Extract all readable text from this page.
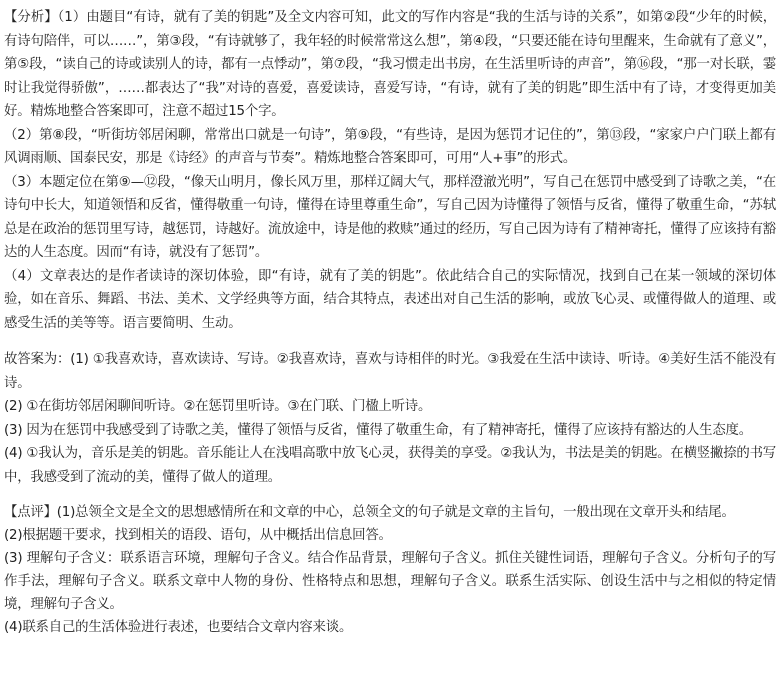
【分析】（1）由题目“有诗，就有了美的钥匙”及全文内容可知，此文的写作内容是“我的生活与诗的关系”，如第②段“少年的时候，有诗句陪伴，可以……”，第③段，“有诗就够了，我年轻的时候常常这么想”，第④段，“只要还能在诗句里醒来，生命就有了意义”，第⑤段，“读自己的诗或读别人的诗，都有一点悸动”，第⑦段，“我习惯走出书房，在生活里听诗的声音”，第⑯段，“那一对长联，霎时让我觉得骄傲”，……都表达了“我”对诗的喜爱，喜爱读诗，喜爱写诗，“有诗，就有了美的钥匙”即生活中有了诗，才变得更加美好。精炼地整合答案即可，注意不超过15个字。

（2）第⑧段，“听街坊邻居闲聊，常常出口就是一句诗”，第⑨段，“有些诗，是因为惩罚才记住的”，第⑬段，“家家户户门联上都有风调雨顺、国泰民安，那是《诗经》的声音与节奏”。精炼地整合答案即可，可用“人+事”的形式。

（3）本题定位在第⑨—⑫段，“像天山明月，像长风万里，那样辽阔大气，那样澄澈光明”，写自己在惩罚中感受到了诗歌之美，“在诗句中长大，知道领悟和反省，懂得敬重一句诗，懂得在诗里尊重生命”，写自己因为诗懂得了领悟与反省，懂得了敬重生命，“苏轼总是在政治的惩罚里写诗，越惩罚，诗越好。流放途中，诗是他的救赎”通过的经历，写自己因为诗有了精神寄托，懂得了应该持有豁达的人生态度。因而“有诗，就没有了惩罚”。

（4）文章表达的是作者读诗的深切体验，即“有诗，就有了美的钥匙”。依此结合自己的实际情况，找到自己在某一领域的深切体验，如在音乐、舞蹈、书法、美术、文学经典等方面，结合其特点，表述出对自己生活的影响，或放飞心灵、或懂得做人的道理、或感受生活的美等等。语言要简明、生动。

故答案为：(1) ①我喜欢诗，喜欢读诗、写诗。②我喜欢诗，喜欢与诗相伴的时光。③我爱在生活中读诗、听诗。④美好生活不能没有诗。

(2) ①在街坊邻居闲聊间听诗。②在惩罚里听诗。③在门联、门楹上听诗。

(3) 因为在惩罚中我感受到了诗歌之美，懂得了领悟与反省，懂得了敬重生命，有了精神寄托，懂得了应该持有豁达的人生态度。

(4) ①我认为，音乐是美的钥匙。音乐能让人在浅唱高歌中放飞心灵，获得美的享受。②我认为，书法是美的钥匙。在横竖撇捺的书写中，我感受到了流动的美，懂得了做人的道理。

【点评】(1)总领全文是全文的思想感情所在和文章的中心，总领全文的句子就是文章的主旨句，一般出现在文章开头和结尾。

(2)根据题干要求，找到相关的语段、语句，从中概括出信息回答。

(3) 理解句子含义：联系语言环境，理解句子含义。结合作品背景，理解句子含义。抓住关键性词语，理解句子含义。分析句子的写作手法，理解句子含义。联系文章中人物的身份、性格特点和思想，理解句子含义。联系生活实际、创设生活中与之相似的特定情境，理解句子含义。

(4)联系自己的生活体验进行表述，也要结合文章内容来谈。
